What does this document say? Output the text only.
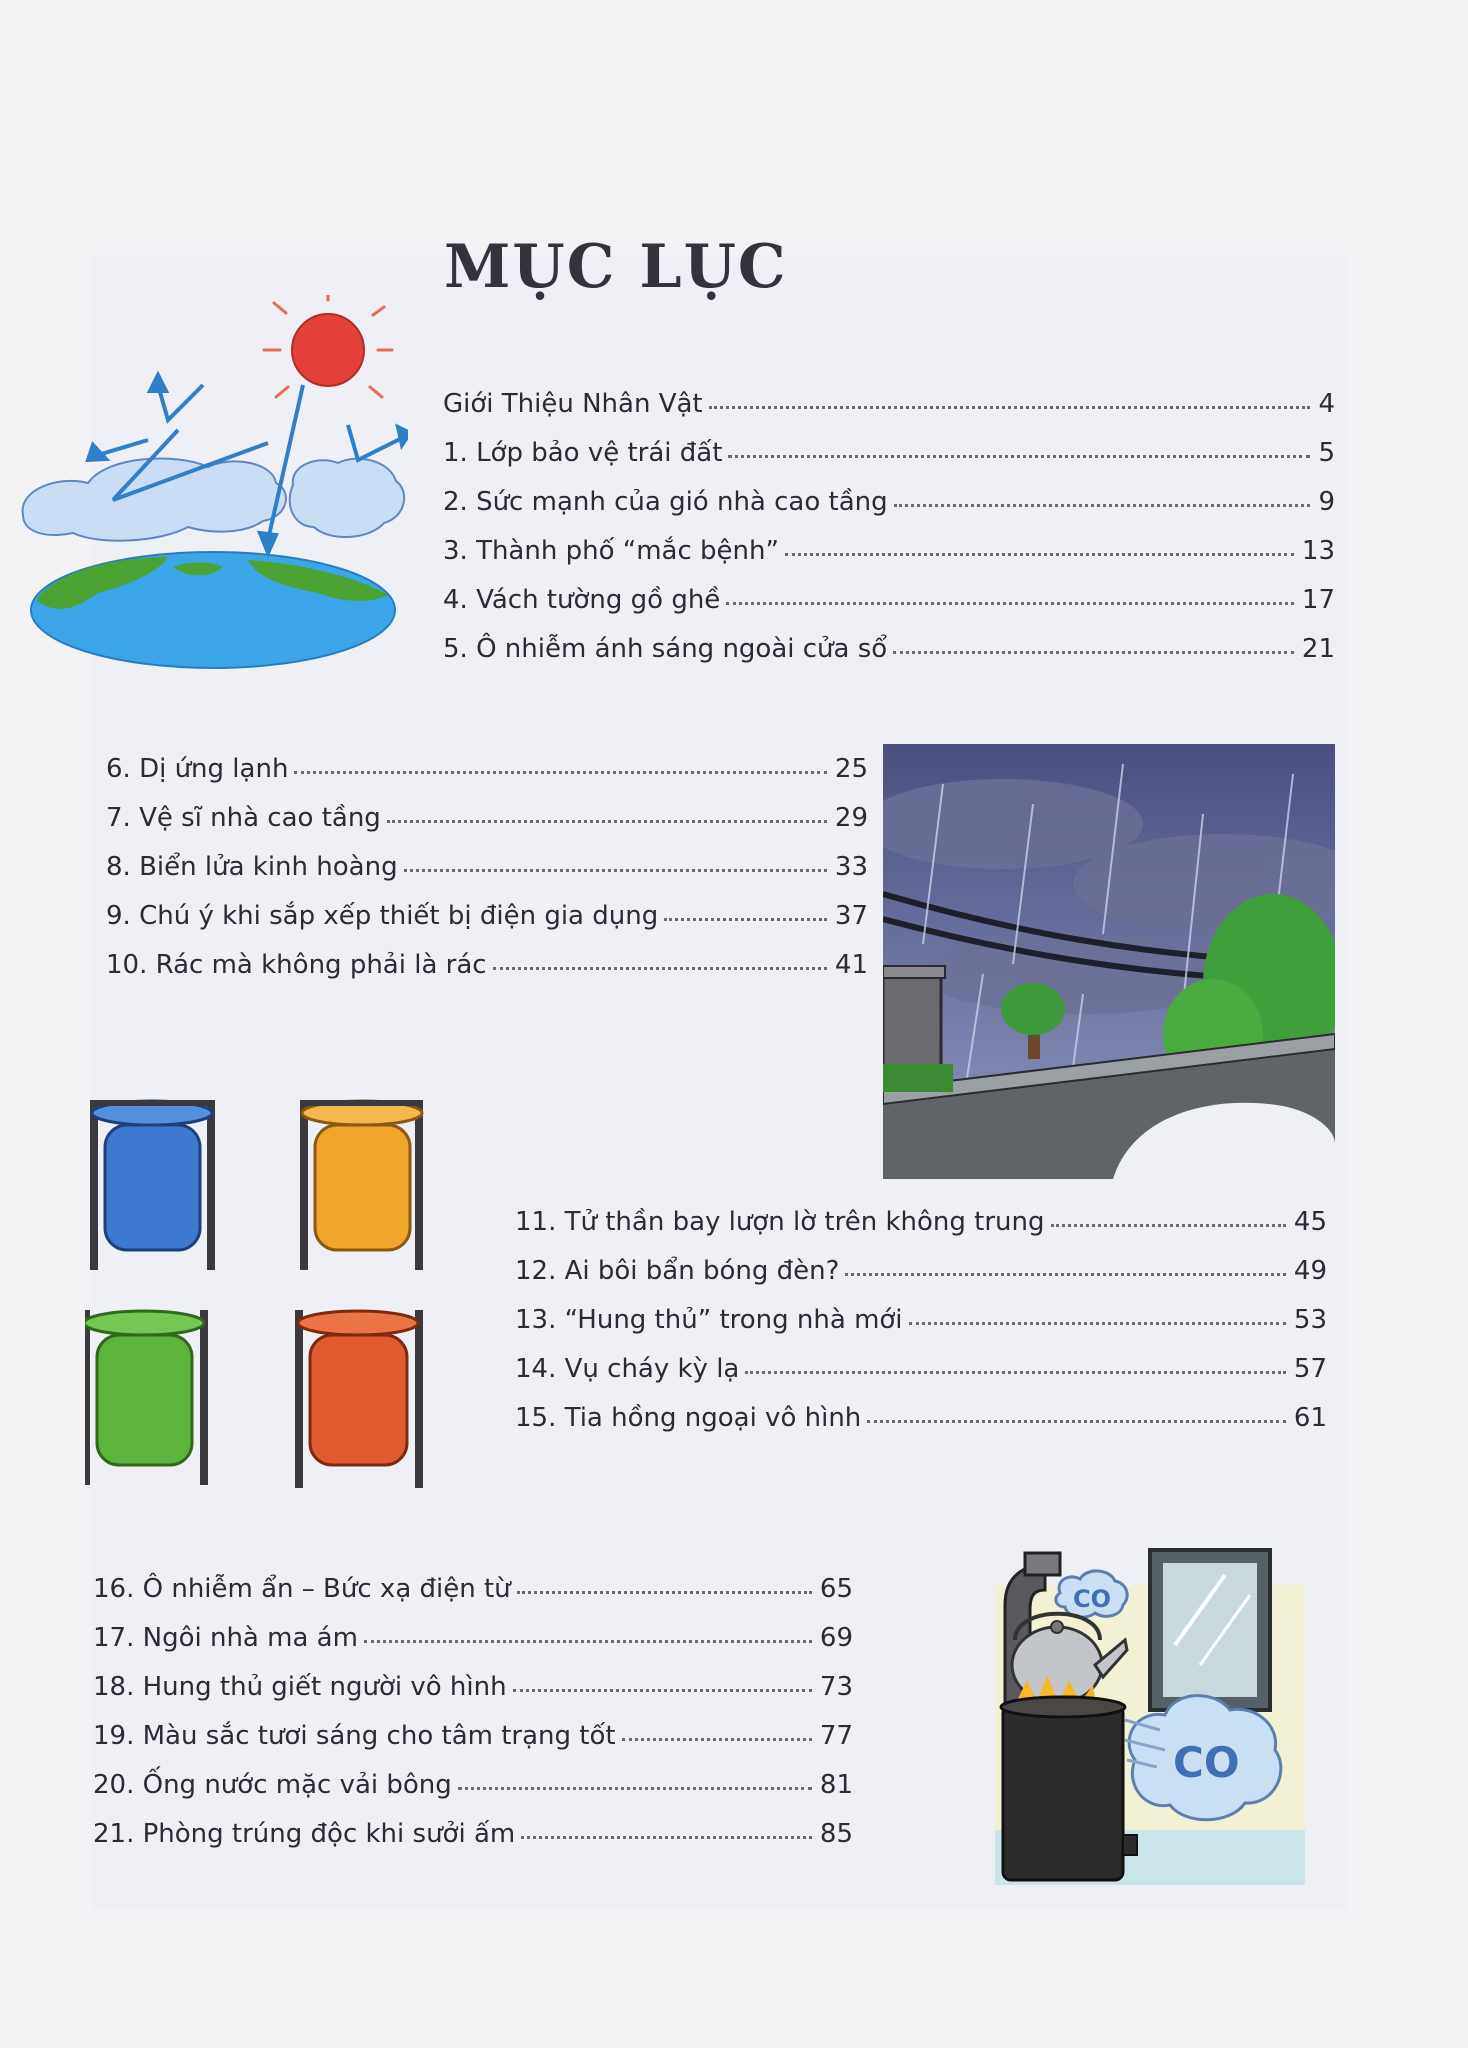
MỤC LỤC
Giới Thiệu Nhân Vật	4
1. Lớp bảo vệ trái đất	5
2. Sức mạnh của gió nhà cao tầng	9
3. Thành phố “mắc bệnh”	13
4. Vách tường gồ ghề	17
5. Ô nhiễm ánh sáng ngoài cửa sổ	21
6. Dị ứng lạnh	25
7. Vệ sĩ nhà cao tầng	29
8. Biển lửa kinh hoàng	33
9. Chú ý khi sắp xếp thiết bị điện gia dụng	37
10. Rác mà không phải là rác	41
11. Tử thần bay lượn lờ trên không trung	45
12. Ai bôi bẩn bóng đèn?	49
13. “Hung thủ” trong nhà mới	53
14. Vụ cháy kỳ lạ	57
15. Tia hồng ngoại vô hình	61
16. Ô nhiễm ẩn – Bức xạ điện từ	65
17. Ngôi nhà ma ám	69
18. Hung thủ giết người vô hình	73
19. Màu sắc tươi sáng cho tâm trạng tốt	77
20. Ống nước mặc vải bông	81
21. Phòng trúng độc khi sưởi ấm	85
CO
CO
